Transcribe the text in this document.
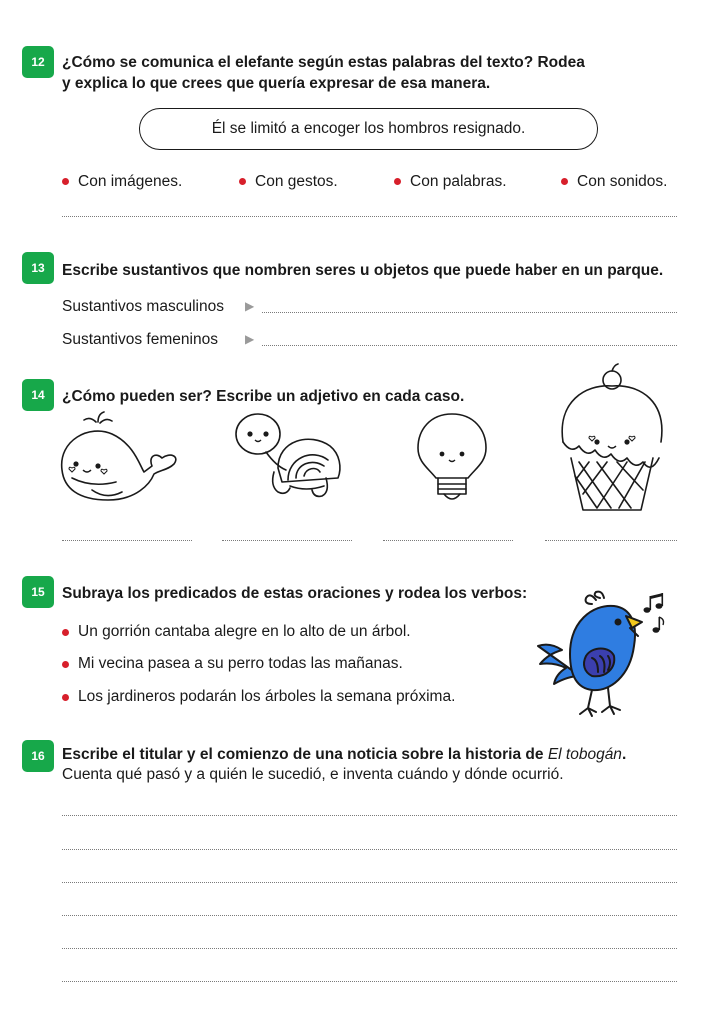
12	¿Cómo se comunica el elefante según estas palabras del texto? Rodea
y explica lo que crees que quería expresar de esa manera.
Él se limitó a encoger los hombros resignado.
Con imágenes.	Con gestos.	Con palabras.	Con sonidos.
13	Escribe sustantivos que nombren seres u objetos que puede haber en un parque.
Sustantivos masculinos ▶
Sustantivos femeninos ▶
14	¿Cómo pueden ser? Escribe un adjetivo en cada caso.
15	Subraya los predicados de estas oraciones y rodea los verbos:
Un gorrión cantaba alegre en lo alto de un árbol.
Mi vecina pasea a su perro todas las mañanas.
Los jardineros podarán los árboles la semana próxima.
16	Escribe el titular y el comienzo de una noticia sobre la historia de El tobogán.
Cuenta qué pasó y a quién le sucedió, e inventa cuándo y dónde ocurrió.
